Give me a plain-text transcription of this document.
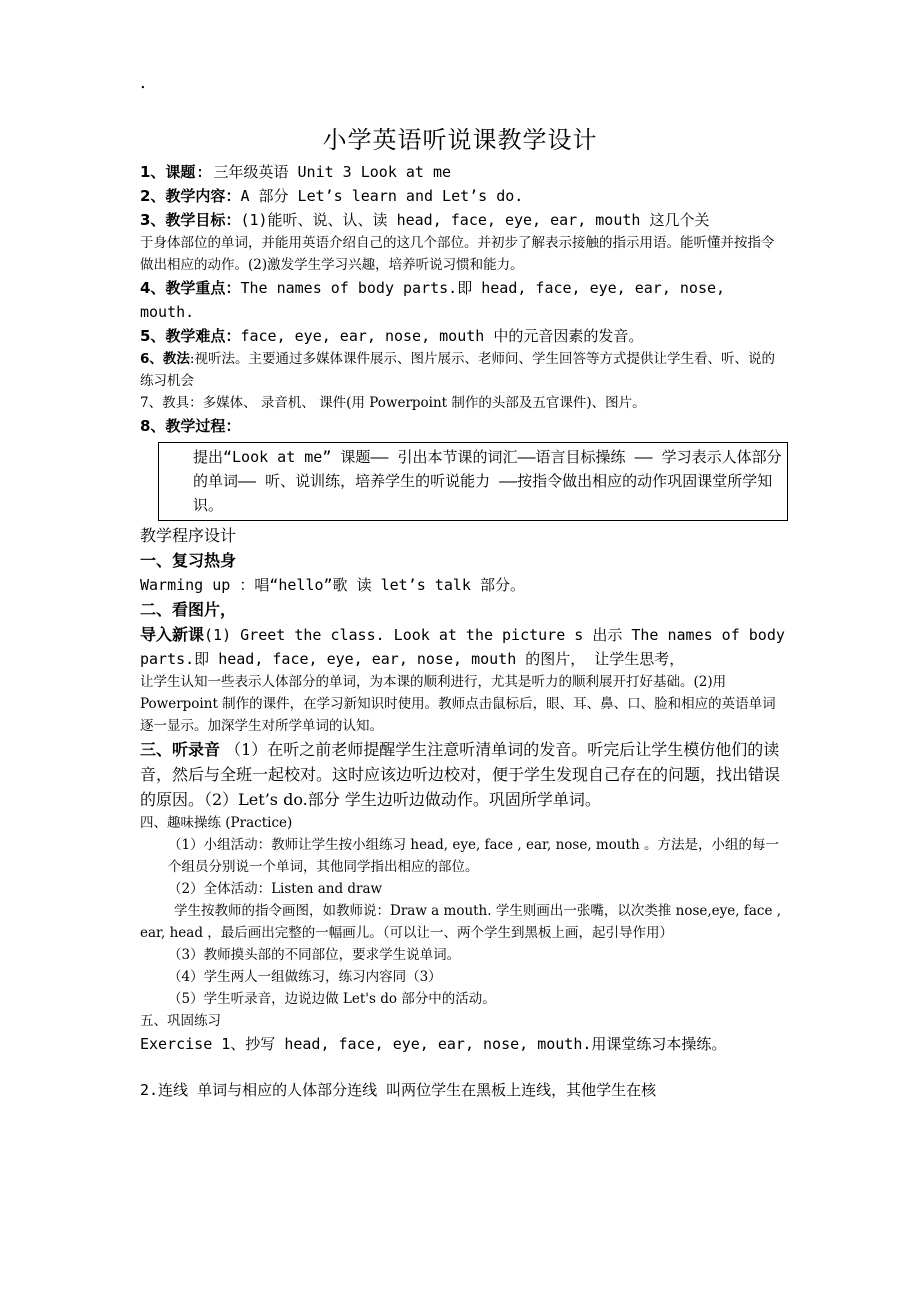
.
小学英语听说课教学设计

1、课题: 三年级英语 Unit 3 Look at me

2、教学内容：A 部分 Let’s learn and Let’s do.

3、教学目标：(1)能听、说、认、读 head, face, eye, ear, mouth 这几个关

于身体部位的单词，并能用英语介绍自己的这几个部位。并初步了解表示接触的指示用语。能听懂并按指令做出相应的动作。(2)激发学生学习兴趣，培养听说习惯和能力。

4、教学重点：The names of body parts.即 head, face, eye, ear, nose, mouth.

5、教学难点：face, eye, ear, nose, mouth 中的元音因素的发音。

6、教法:视听法。主要通过多媒体课件展示、图片展示、老师问、学生回答等方式提供让学生看、听、说的练习机会

7、教具：多媒体、 录音机、 课件(用 Powerpoint 制作的头部及五官课件)、图片。

8、教学过程：

提出“Look at me” 课题—— 引出本节课的词汇——语言目标操练 —— 学习表示人体部分的单词—— 听、说训练，培养学生的听说能力 ——按指令做出相应的动作巩固课堂所学知识。

教学程序设计

一、复习热身

Warming up ：唱“hello”歌 读 let’s talk 部分。

二、看图片，

导入新课(1) Greet the class. Look at the picture s 出示 The names of body parts.即 head, face, eye, ear, nose, mouth 的图片， 让学生思考，

让学生认知一些表示人体部分的单词，为本课的顺利进行，尤其是听力的顺利展开打好基础。(2)用 Powerpoint 制作的课件，在学习新知识时使用。教师点击鼠标后，眼、耳、鼻、口、脸和相应的英语单词逐一显示。加深学生对所学单词的认知。

三、听录音 （1）在听之前老师提醒学生注意听清单词的发音。听完后让学生模仿他们的读音，然后与全班一起校对。这时应该边听边校对，便于学生发现自己存在的问题，找出错误的原因。（2）Let’s do.部分 学生边听边做动作。巩固所学单词。

四、趣味操练 (Practice)

（1）小组活动：教师让学生按小组练习 head, eye, face , ear, nose, mouth 。方法是，小组的每一个组员分别说一个单词，其他同学指出相应的部位。

（2）全体活动：Listen and draw

学生按教师的指令画图，如教师说：Draw a mouth. 学生则画出一张嘴，以次类推 nose,eye, face , ear, head ，最后画出完整的一幅画儿。（可以让一、两个学生到黑板上画，起引导作用）

（3）教师摸头部的不同部位，要求学生说单词。

（4）学生两人一组做练习，练习内容同（3）

（5）学生听录音，边说边做 Let's do 部分中的活动。

五、巩固练习

Exercise 1、抄写 head, face, eye, ear, nose, mouth.用课堂练习本操练。

2.连线 单词与相应的人体部分连线 叫两位学生在黑板上连线，其他学生在核
